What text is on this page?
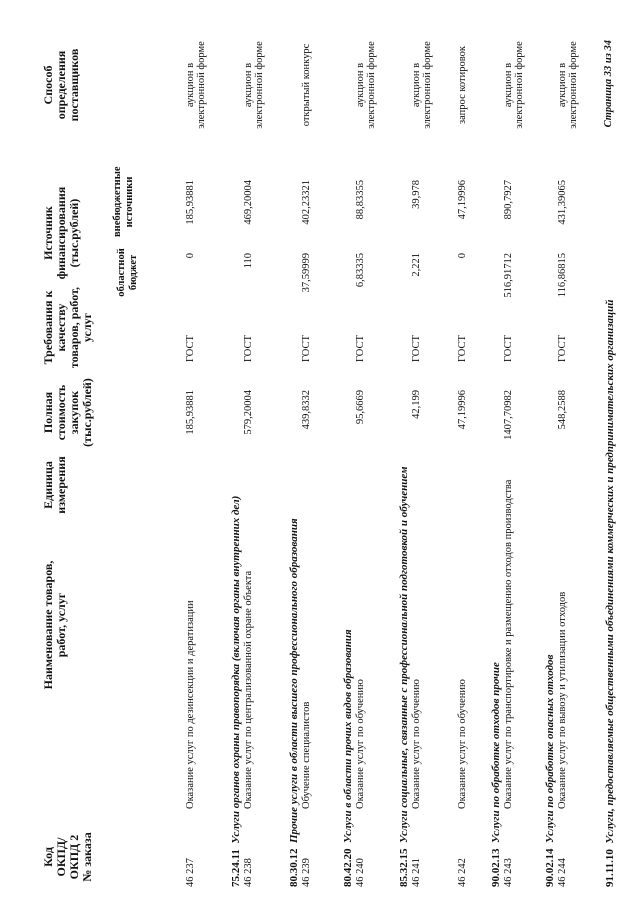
Код ОКПД/ ОКПД 2 № заказа
Наименование товаров, работ, услуг
Единица измерения
Полная стоимость закупок (тыс.рублей)
Требования к качеству товаров, работ, услуг
Источник финансирования (тыс.рублей)
областной бюджет
внебюджетные источники
Способ определения поставщиков
46 237
Оказание услуг по дезинсекции и дератизации
185,93881
ГОСТ
0
185,93881
аукцион в электронной форме
75.24.11  Услуги органов охраны правопорядка (включая органы внутренних дел)
46 238
Оказание услуг по централизованной охране объекта
579,20004
ГОСТ
110
469,20004
аукцион в электронной форме
80.30.12  Прочие услуги в области высшего профессионального образования
46 239
Обучение специалистов
439,8332
ГОСТ
37,59999
402,23321
открытый конкурс
80.42.20  Услуги в области прочих видов образования
46 240
Оказание услуг по обучению
95,6669
ГОСТ
6,83335
88,83355
аукцион в электронной форме
85.32.15  Услуги социальные, связанные с профессиональной подготовкой и обучением
46 241
Оказание услуг по обучению
42,199
ГОСТ
2,221
39,978
аукцион в электронной форме
46 242
Оказание услуг по обучению
47,19996
ГОСТ
0
47,19996
запрос котировок
90.02.13  Услуги по обработке отходов прочие
46 243
Оказание услуг по транспортировке и размещению отходов производства
1407,70982
ГОСТ
516,91712
890,7927
аукцион в электронной форме
90.02.14  Услуги по обработке опасных отходов
46 244
Оказание услуг по вывозу и утилизации отходов
548,2588
ГОСТ
116,86815
431,39065
аукцион в электронной форме
91.11.10  Услуги, предоставляемые общественными объединениями коммерческих и предпринимательских организаций
Страница 33 из 34
